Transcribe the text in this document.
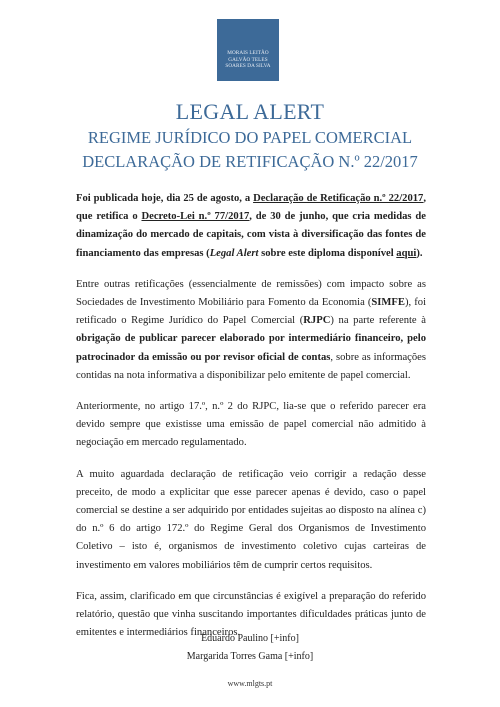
MORAIS LEITÃO
GALVÃO TELES
SOARES DA SILVA
LEGAL ALERT
REGIME JURÍDICO DO PAPEL COMERCIAL
DECLARAÇÃO DE RETIFICAÇÃO N.º 22/2017

Foi publicada hoje, dia 25 de agosto, a Declaração de Retificação n.º 22/2017, que retifica o Decreto-Lei n.º 77/2017, de 30 de junho, que cria medidas de dinamização do mercado de capitais, com vista à diversificação das fontes de financiamento das empresas (Legal Alert sobre este diploma disponível aqui).

Entre outras retificações (essencialmente de remissões) com impacto sobre as Sociedades de Investimento Mobiliário para Fomento da Economia (SIMFE), foi retificado o Regime Jurídico do Papel Comercial (RJPC) na parte referente à obrigação de publicar parecer elaborado por intermediário financeiro, pelo patrocinador da emissão ou por revisor oficial de contas, sobre as informações contidas na nota informativa a disponibilizar pelo emitente de papel comercial.

Anteriormente, no artigo 17.º, n.º 2 do RJPC, lia-se que o referido parecer era devido sempre que existisse uma emissão de papel comercial não admitido à negociação em mercado regulamentado.

A muito aguardada declaração de retificação veio corrigir a redação desse preceito, de modo a explicitar que esse parecer apenas é devido, caso o papel comercial se destine a ser adquirido por entidades sujeitas ao disposto na alínea c) do n.º 6 do artigo 172.º do Regime Geral dos Organismos de Investimento Coletivo – isto é, organismos de investimento coletivo cujas carteiras de investimento em valores mobiliários têm de cumprir certos requisitos.

Fica, assim, clarificado em que circunstâncias é exigível a preparação do referido relatório, questão que vinha suscitando importantes dificuldades práticas junto de emitentes e intermediários financeiros.

Eduardo Paulino [+info]
Margarida Torres Gama [+info]
www.mlgts.pt
